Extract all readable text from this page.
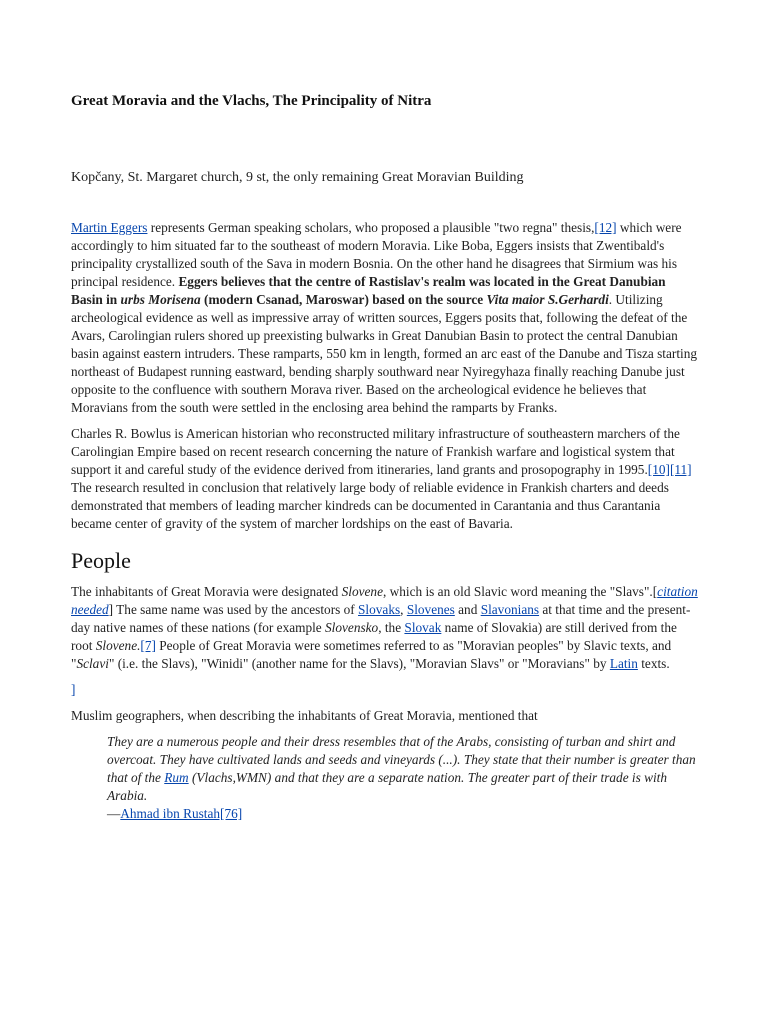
Great Moravia and the Vlachs, The Principality of Nitra

Kopčany, St. Margaret church, 9 st, the only remaining Great Moravian Building

Martin Eggers represents German speaking scholars, who proposed a plausible "two regna" thesis,[12] which were accordingly to him situated far to the southeast of modern Moravia. Like Boba, Eggers insists that Zwentibald's principality crystallized south of the Sava in modern Bosnia. On the other hand he disagrees that Sirmium was his principal residence. Eggers believes that the centre of Rastislav's realm was located in the Great Danubian Basin in urbs Morisena (modern Csanad, Maroswar) based on the source Vita maior S.Gerhardi. Utilizing archeological evidence as well as impressive array of written sources, Eggers posits that, following the defeat of the Avars, Carolingian rulers shored up preexisting bulwarks in Great Danubian Basin to protect the central Danubian basin against eastern intruders. These ramparts, 550 km in length, formed an arc east of the Danube and Tisza starting northeast of Budapest running eastward, bending sharply southward near Nyiregyhaza finally reaching Danube just opposite to the confluence with southern Morava river. Based on the archeological evidence he believes that Moravians from the south were settled in the enclosing area behind the ramparts by Franks.

Charles R. Bowlus is American historian who reconstructed military infrastructure of southeastern marchers of the Carolingian Empire based on recent research concerning the nature of Frankish warfare and logistical system that support it and careful study of the evidence derived from itineraries, land grants and prosopography in 1995.[10][11] The research resulted in conclusion that relatively large body of reliable evidence in Frankish charters and deeds demonstrated that members of leading marcher kindreds can be documented in Carantania and thus Carantania became center of gravity of the system of marcher lordships on the east of Bavaria.

People

The inhabitants of Great Moravia were designated Slovene, which is an old Slavic word meaning the "Slavs".[citation needed] The same name was used by the ancestors of Slovaks, Slovenes and Slavonians at that time and the present-day native names of these nations (for example Slovensko, the Slovak name of Slovakia) are still derived from the root Slovene.[7] People of Great Moravia were sometimes referred to as "Moravian peoples" by Slavic texts, and "Sclavi" (i.e. the Slavs), "Winidi" (another name for the Slavs), "Moravian Slavs" or "Moravians" by Latin texts.

]

Muslim geographers, when describing the inhabitants of Great Moravia, mentioned that

They are a numerous people and their dress resembles that of the Arabs, consisting of turban and shirt and overcoat. They have cultivated lands and seeds and vineyards (...). They state that their number is greater than that of the Rum (Vlachs,WMN) and that they are a separate nation. The greater part of their trade is with Arabia.
—Ahmad ibn Rustah[76]
